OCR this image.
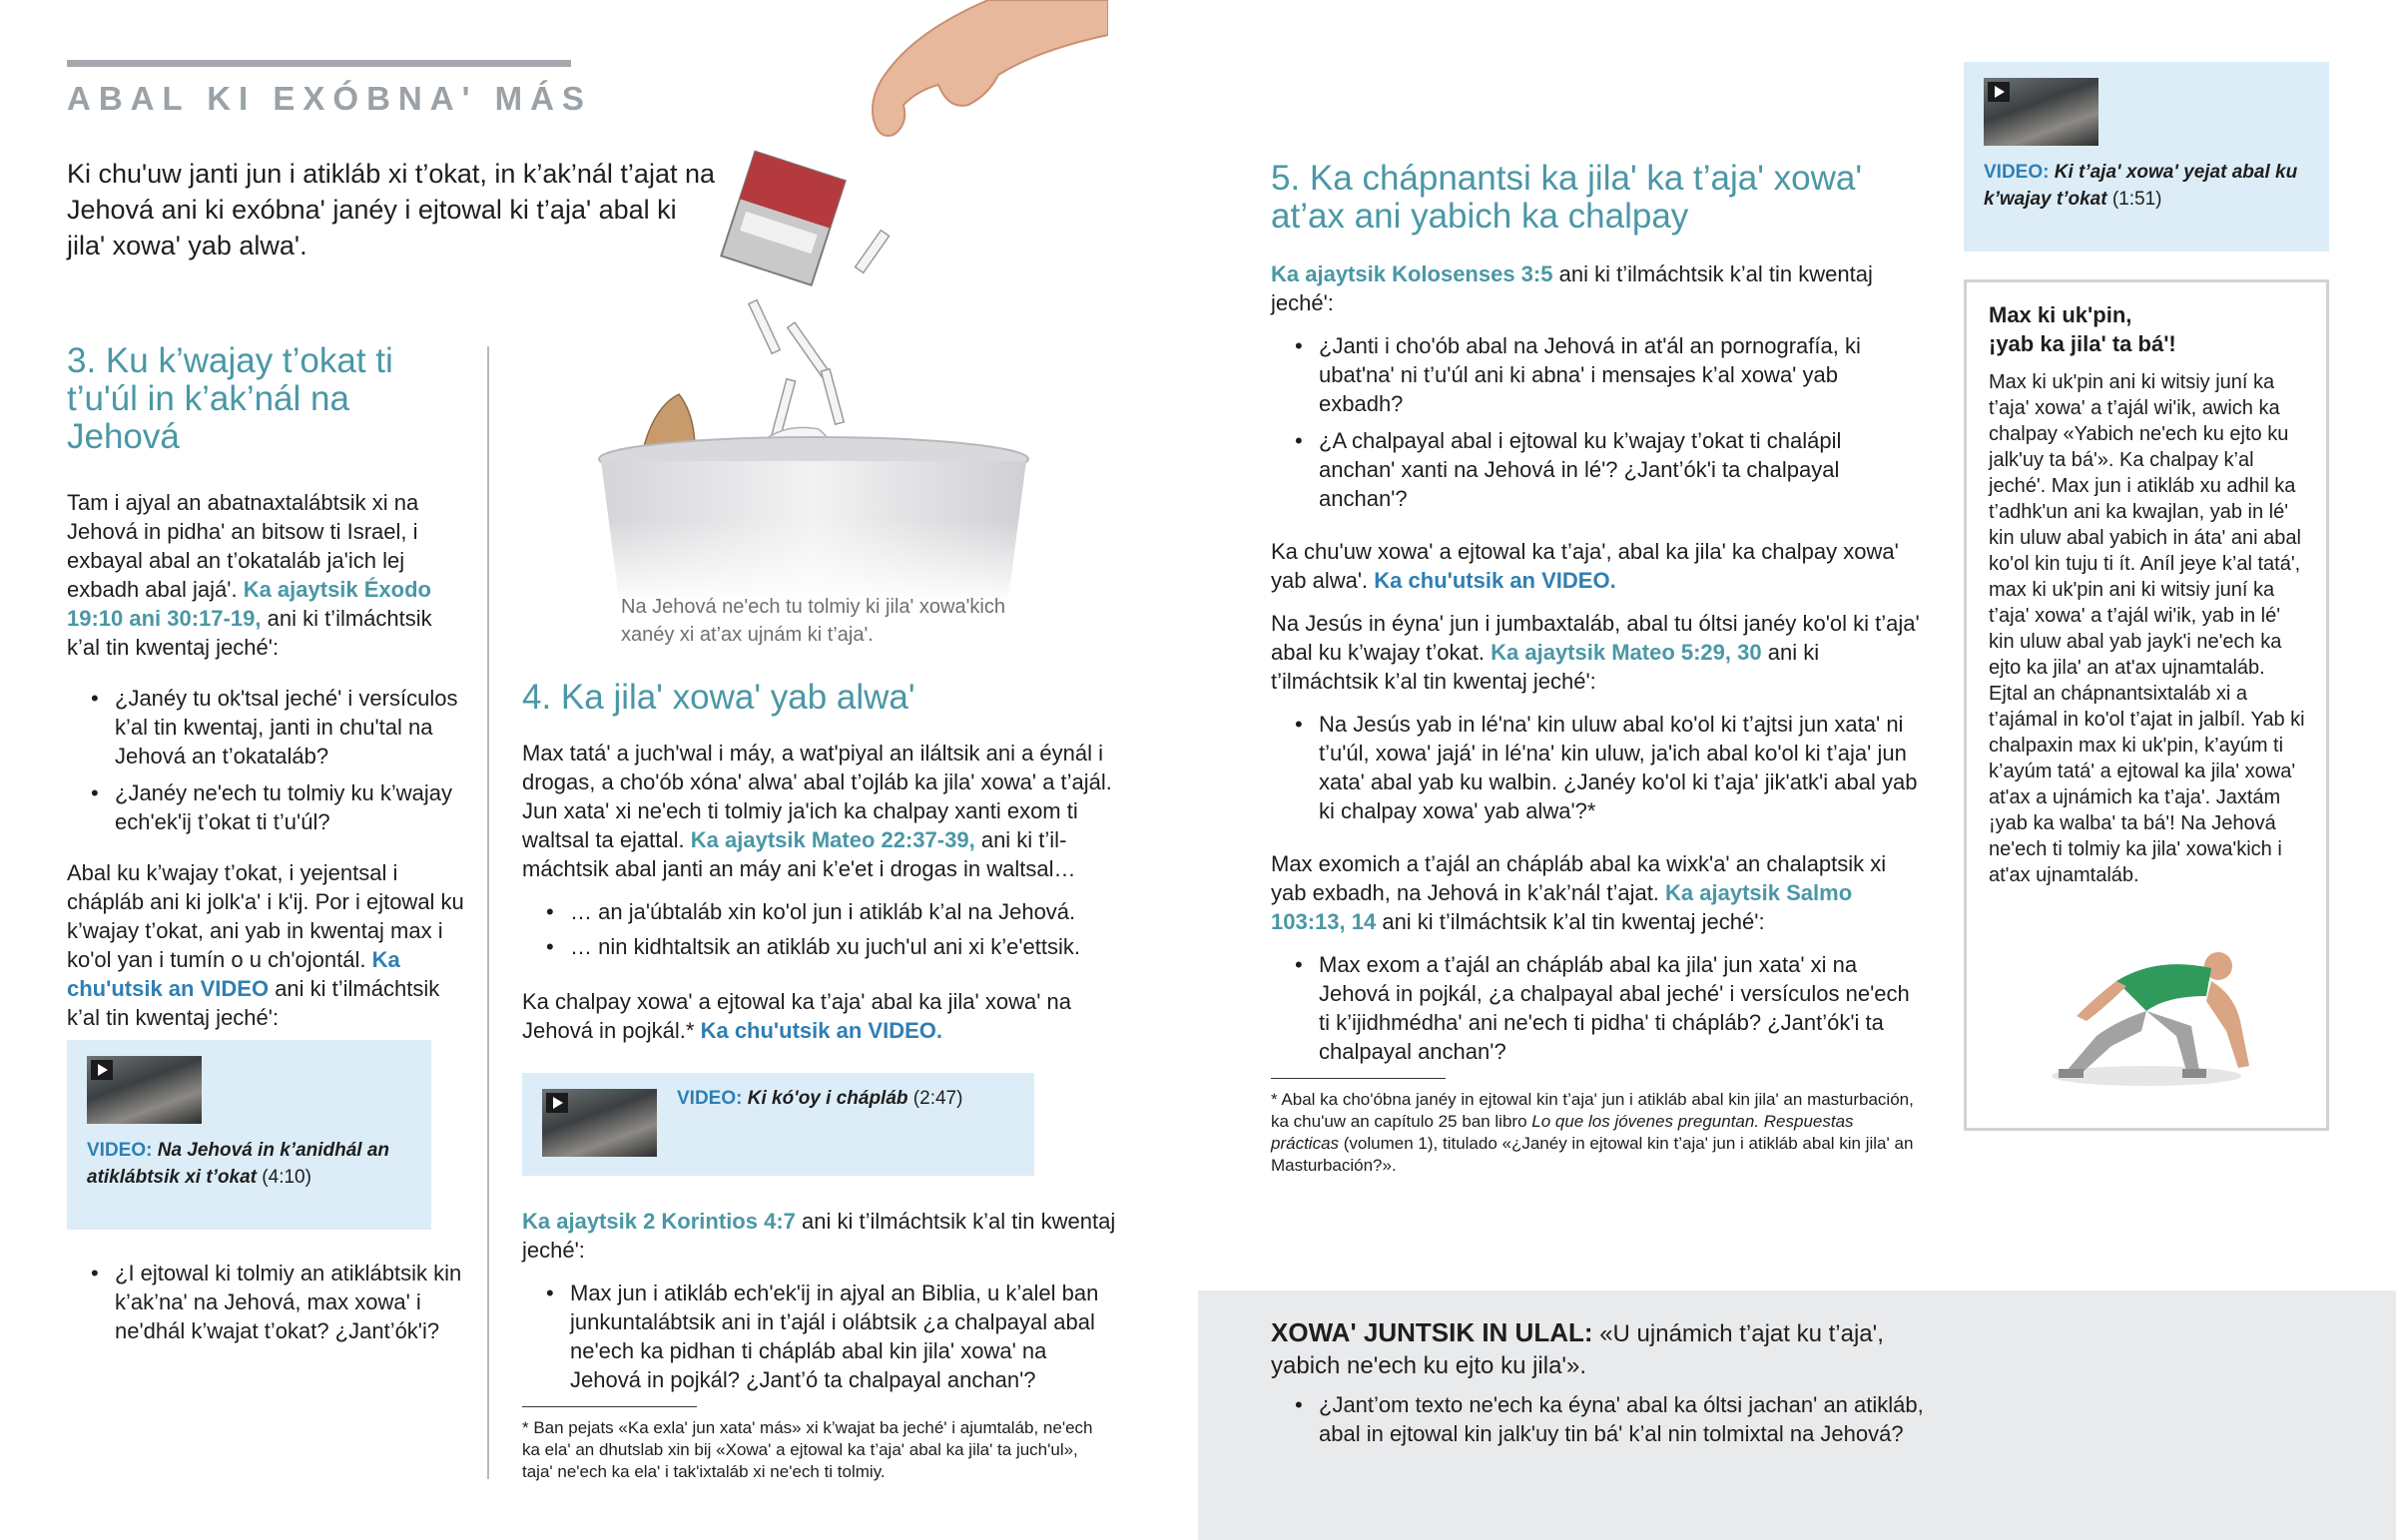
ABAL KI EXÓBNA' MÁS
Ki chu'uw janti jun i atikláb xi t’okat, in k’ak’nál t’ajat na Jehová ani ki exóbna' janéy i ejtowal ki t’aja' abal ki jila' xowa' yab alwa'.
Na Jehová ne'ech tu tolmiy ki jila' xowa'kich xanéy xi at’ax ujnám ki t’aja'.
3. Ku k’wajay t’okat ti t’u'úl in k’ak’nál na Jehová

Tam i ajyal an abatnaxtalábtsik xi na Jehová in pidha' an bitsow ti Israel, i exbayal abal an t’okataláb ja'ich lej exbadh abal jajá'. Ka ajaytsik Éxodo 19:10 ani 30:17-19, ani ki t’ilmáchtsik k’al tin kwentaj jeché':

• ¿Janéy tu ok'tsal jeché' i versículos k’al tin kwentaj, janti in chu'tal na Jehová an t’okataláb?
• ¿Janéy ne'ech tu tolmiy ku k’wajay ech'ek'ij t’okat ti t’u'úl?

Abal ku k’wajay t’okat, i yejentsal i chápláb ani ki jolk'a' i k'ij. Por i ejtowal ku k’wajay t’okat, ani yab in kwentaj max i ko'ol yan i tumín o u ch'ojontál. Ka chu'utsik an VIDEO ani ki t’ilmáchtsik k’al tin kwentaj jeché':

VIDEO: Na Jehová in k’anidhál an atiklábtsik xi t’okat (4:10)
• ¿I ejtowal ki tolmiy an atiklábtsik kin k’ak’na' na Jehová, max xowa' i ne'dhál k’wajat t’okat? ¿Jant’ók'i?
4. Ka jila' xowa' yab alwa'

Max tatá' a juch'wal i máy, a wat'piyal an iláltsik ani a éynál i drogas, a cho'ób xóna' alwa' abal t’ojláb ka jila' xowa' a t’ajál. Jun xata' xi ne'ech ti tolmiy ja'ich ka chalpay xanti exom ti waltsal ta ejattal. Ka ajaytsik Mateo 22:37-39, ani ki t’ilmáchtsik abal janti an máy ani k’e'et i drogas in waltsal…

• … an ja'úbtaláb xin ko'ol jun i atikláb k’al na Jehová.
• … nin kidhtaltsik an atikláb xu juch'ul ani xi k’e'ettsik.

Ka chalpay xowa' a ejtowal ka t’aja' abal ka jila' xowa' na Jehová in pojkál.* Ka chu'utsik an VIDEO.

VIDEO: Ki kó'oy i chápláb (2:47)

Ka ajaytsik 2 Korintios 4:7 ani ki t’ilmáchtsik k’al tin kwentaj jeché':

• Max jun i atikláb ech'ek'ij in ajyal an Biblia, u k’alel ban junkuntalábtsik ani in t’ajál i olábtsik ¿a chalpayal abal ne'ech ka pidhan ti chápláb abal kin jila' xowa' na Jehová in pojkál? ¿Jant’ó ta chalpayal anchan'?
* Ban pejats «Ka exla' jun xata' más» xi k’wajat ba jeché' i ajumtaláb, ne'ech ka ela' an dhutslab xin bij «Xowa' a ejtowal ka t’aja' abal ka jila' ta juch'ul», taja' ne'ech ka ela' i tak'ixtaláb xi ne'ech ti tolmiy.
5. Ka chápnantsi ka jila' ka t’aja' xowa' at’ax ani yabich ka chalpay

Ka ajaytsik Kolosenses 3:5 ani ki t’ilmáchtsik k’al tin kwentaj jeché':

• ¿Janti i cho'ób abal na Jehová in at'ál an pornografía, ki ubat'na' ni t’u'úl ani ki abna' i mensajes k’al xowa' yab exbadh?
• ¿A chalpayal abal i ejtowal ku k’wajay t’okat ti chalápil anchan' xanti na Jehová in lé'? ¿Jant’ók'i ta chalpayal anchan'?

Ka chu'uw xowa' a ejtowal ka t’aja', abal ka jila' ka chalpay xowa' yab alwa'. Ka chu'utsik an VIDEO.

Na Jesús in éyna' jun i jumbaxtaláb, abal tu óltsi janéy ko'ol ki t’aja' abal ku k’wajay t’okat. Ka ajaytsik Mateo 5:29, 30 ani ki t’ilmáchtsik k’al tin kwentaj jeché':

• Na Jesús yab in lé'na' kin uluw abal ko'ol ki t’ajtsi jun xata' ni t’u'úl, xowa' jajá' in lé'na' kin uluw, ja'ich abal ko'ol ki t’aja' jun xata' abal yab ku walbin. ¿Janéy ko'ol ki t’aja' jik'atk'i abal yab ki chalpay xowa' yab alwa'?*

Max exomich a t’ajál an chápláb abal ka wixk'a' an chalaptsik xi yab exbadh, na Jehová in k’ak’nál t’ajat. Ka ajaytsik Salmo 103:13, 14 ani ki t’ilmáchtsik k’al tin kwentaj jeché':

• Max exom a t’ajál an chápláb abal ka jila' jun xata' xi na Jehová in pojkál, ¿a chalpayal abal jeché' i versículos ne'ech ti k’ijidhmédha' ani ne'ech ti pidha' ti chápláb? ¿Jant’ók'i ta chalpayal anchan'?
* Abal ka cho'óbna janéy in ejtowal kin t’aja' jun i atikláb abal kin jila' an masturbación, ka chu'uw an capítulo 25 ban libro Lo que los jóvenes preguntan. Respuestas prácticas (volumen 1), titulado «¿Janéy in ejtowal kin t’aja' jun i atikláb abal kin jila' an Masturbación?».
VIDEO: Ki t’aja' xowa' yejat abal ku k’wajay t’okat (1:51)
Max ki uk'pin,
¡yab ka jila' ta bá'!
Max ki uk'pin ani ki witsiy juní ka t’aja' xowa' a t’ajál wi'ik, awich ka chalpay «Yabich ne'ech ku ejto ku jalk'uy ta bá'». Ka chalpay k’al jeché'. Max jun i atikláb xu adhil ka t’adhk'un ani ka kwajlan, yab in lé' kin uluw abal yabich in áta' ani abal ko'ol kin tuju ti ít. Aníl jeye k’al tatá', max ki uk'pin ani ki witsiy juní ka t’aja' xowa' a t’ajál wi'ik, yab in lé' kin uluw abal yab jayk'i ne'ech ka ejto ka jila' an at'ax ujnamtaláb. Ejtal an chápnantsixtaláb xi a t’ajámal in ko'ol t’ajat in jalbíl. Yab ki chalpaxin max ki uk'pin, k’ayúm ti k’ayúm tatá' a ejtowal ka jila' xowa' at'ax a ujnámich ka t’aja'. Jaxtám ¡yab ka walba' ta bá'! Na Jehová ne'ech ti tolmiy ka jila' xowa'kich i at'ax ujnamtaláb.
XOWA' JUNTSIK IN ULAL: «U ujnámich t’ajat ku t’aja', yabich ne'ech ku ejto ku jila'».
• ¿Jant’om texto ne'ech ka éyna' abal ka óltsi jachan' an atikláb, abal in ejtowal kin jalk'uy tin bá' k’al nin tolmixtal na Jehová?
